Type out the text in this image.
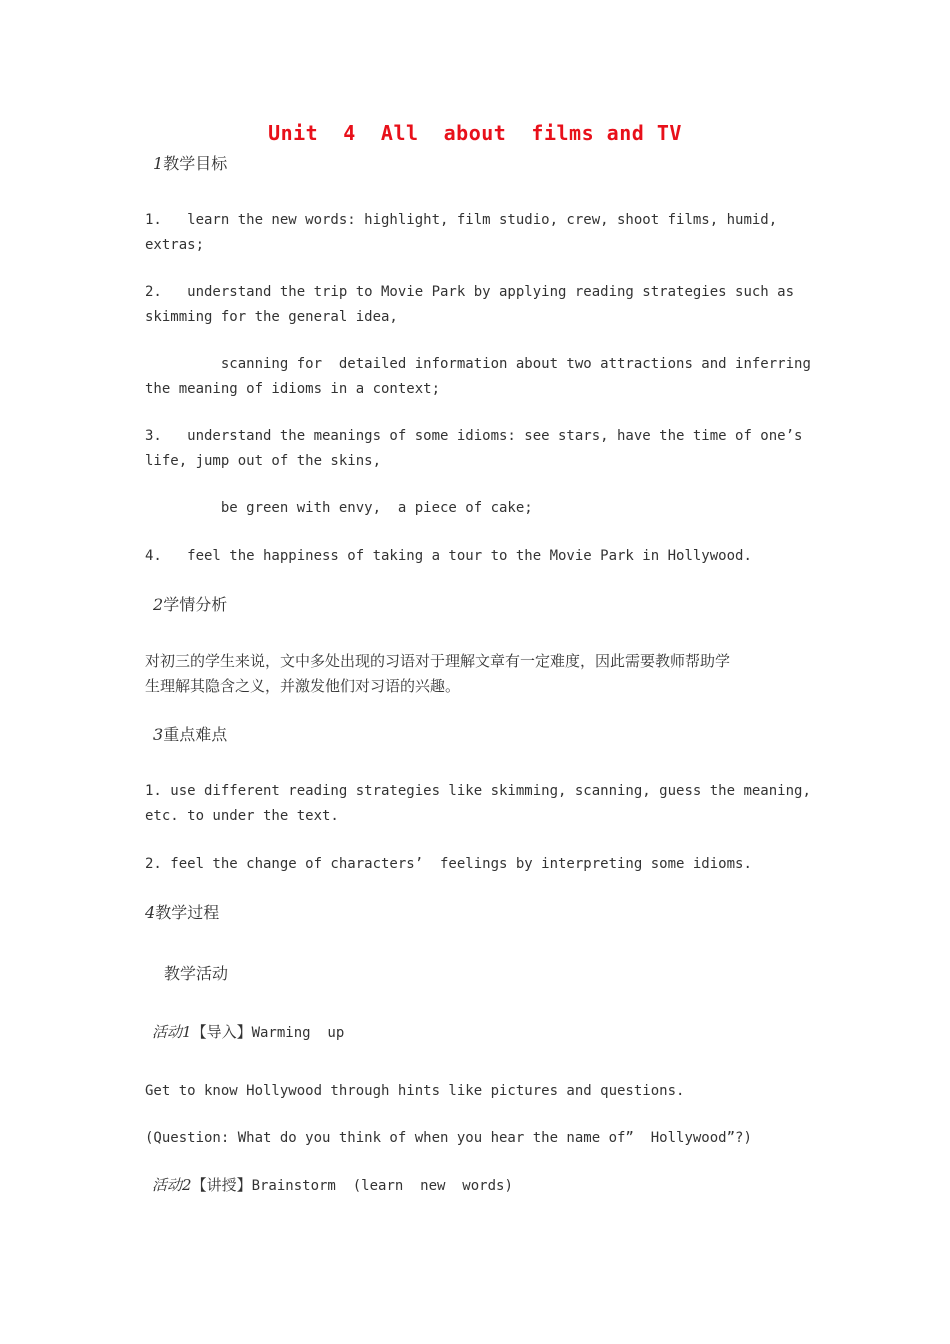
Unit  4  All  about  films and TV
1教学目标
1.   learn the new words: highlight, film studio, crew, shoot films, humid,
extras;
2.   understand the trip to Movie Park by applying reading strategies such as
skimming for the general idea,
scanning for  detailed information about two attractions and inferring
the meaning of idioms in a context;
3.   understand the meanings of some idioms: see stars, have the time of one’s
life, jump out of the skins,
be green with envy,  a piece of cake;
4.   feel the happiness of taking a tour to the Movie Park in Hollywood.
2学情分析
对初三的学生来说，文中多处出现的习语对于理解文章有一定难度，因此需要教师帮助学
生理解其隐含之义，并激发他们对习语的兴趣。
3重点难点
1. use different reading strategies like skimming, scanning, guess the meaning,
etc. to under the text.
2. feel the change of characters’  feelings by interpreting some idioms.
4教学过程
教学活动
活动1【导入】Warming  up
Get to know Hollywood through hints like pictures and questions.
(Question: What do you think of when you hear the name of”  Hollywood”?)
活动2【讲授】Brainstorm  (learn  new  words)
